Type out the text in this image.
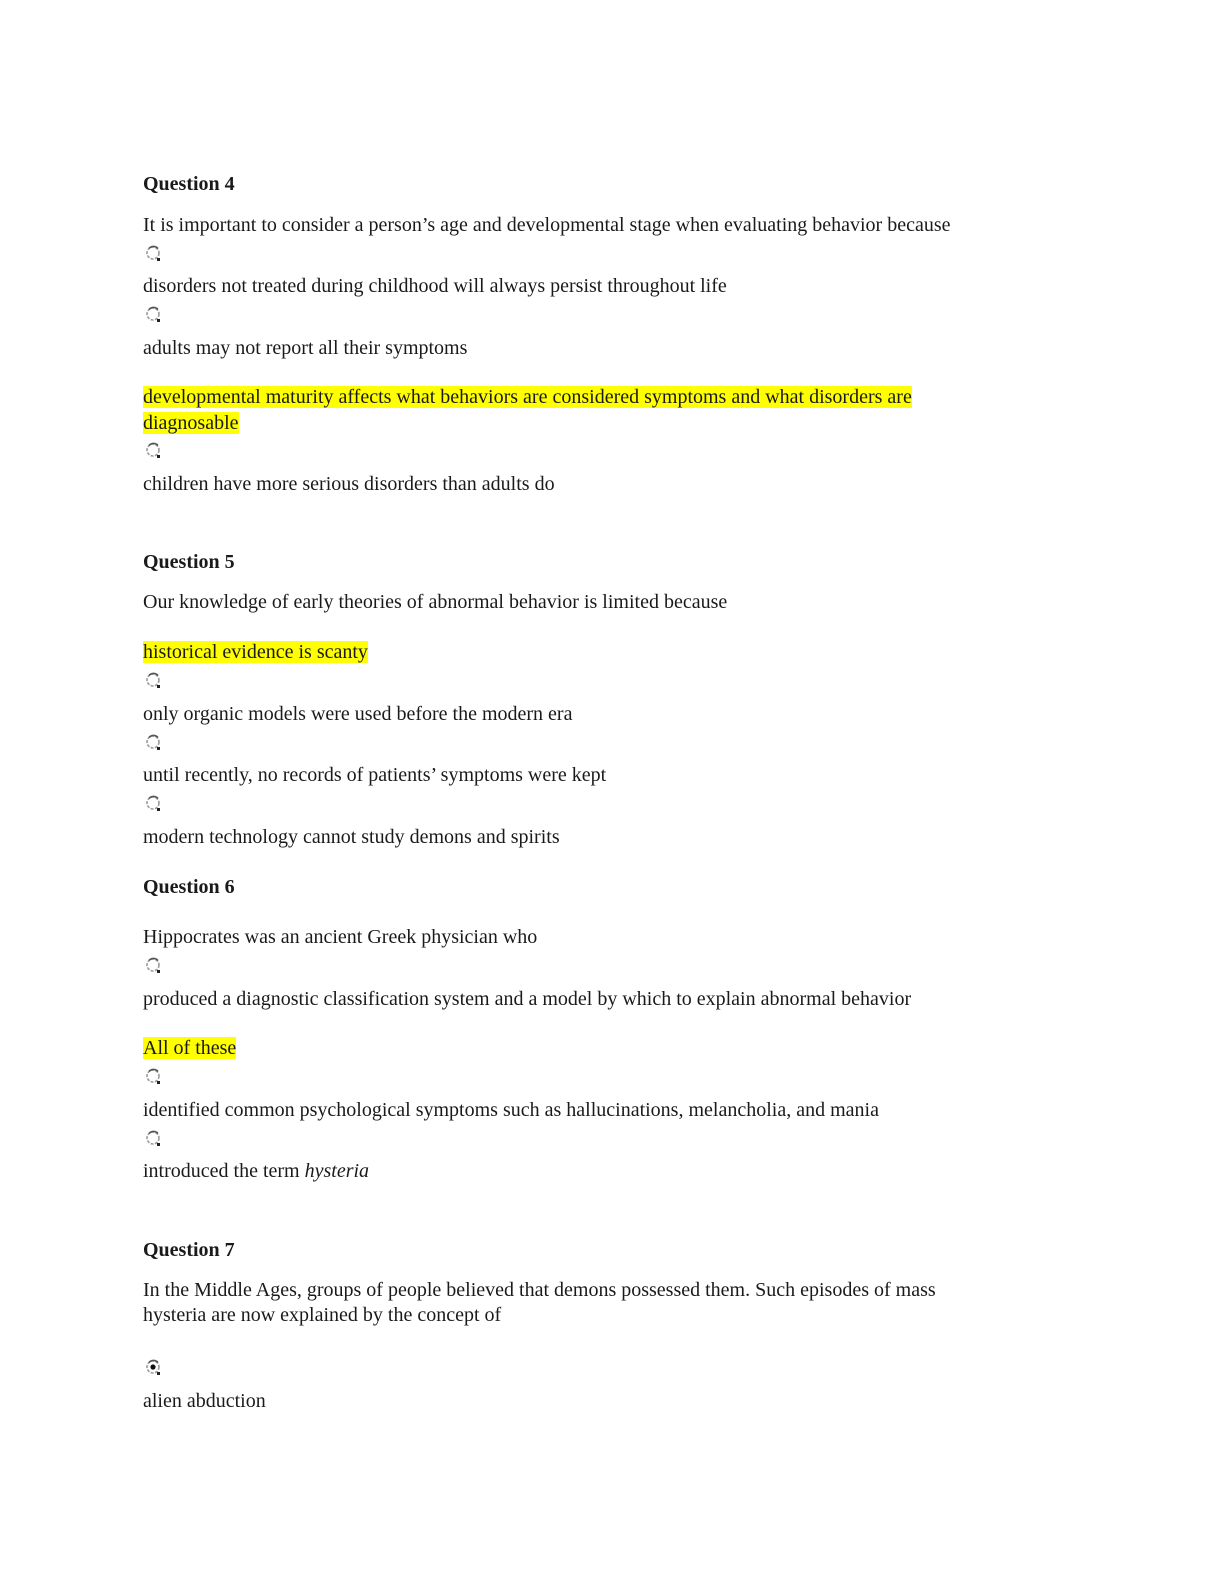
Question 4

It is important to consider a person’s age and developmental stage when evaluating behavior because

disorders not treated during childhood will always persist throughout life

adults may not report all their symptoms

developmental maturity affects what behaviors are considered symptoms and what disorders are

diagnosable

children have more serious disorders than adults do

Question 5

Our knowledge of early theories of abnormal behavior is limited because

historical evidence is scanty

only organic models were used before the modern era

until recently, no records of patients’ symptoms were kept

modern technology cannot study demons and spirits

Question 6

Hippocrates was an ancient Greek physician who

produced a diagnostic classification system and a model by which to explain abnormal behavior

All of these

identified common psychological symptoms such as hallucinations, melancholia, and mania

introduced the term hysteria

Question 7

In the Middle Ages, groups of people believed that demons possessed them. Such episodes of mass

hysteria are now explained by the concept of

alien abduction
